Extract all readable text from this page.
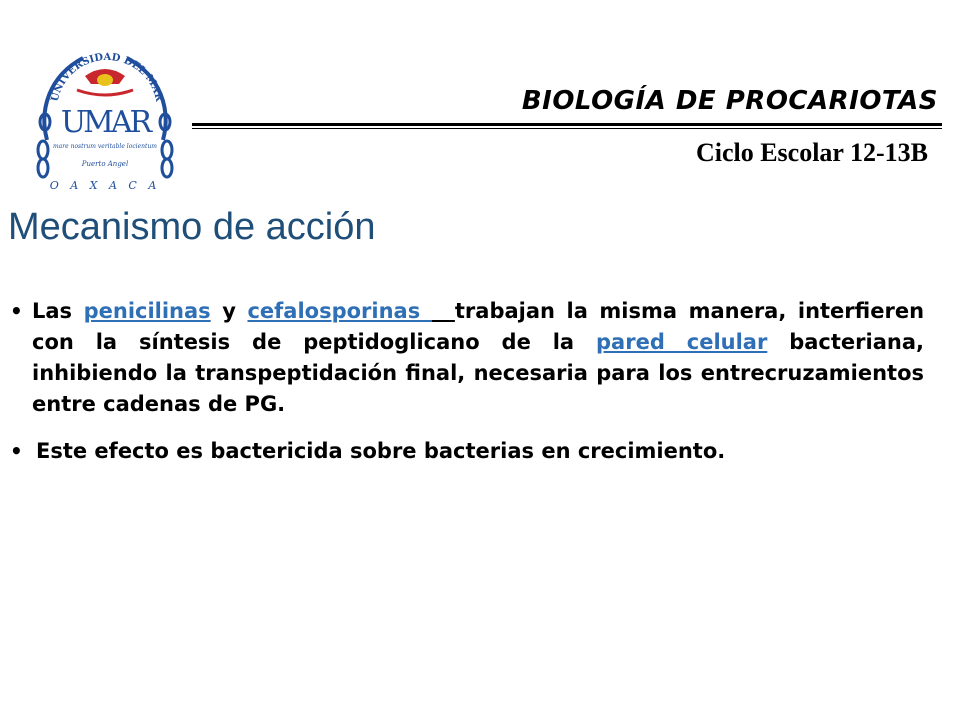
UNIVERSIDAD DEL MAR
UMAR
mare nostrum veritable locientum
Puerto Angel
O A X A C A
BIOLOGÍA DE PROCARIOTAS
Ciclo Escolar 12-13B
Mecanismo de acción
• Las penicilinas y cefalosporinas   trabajan la misma manera, interfieren con la síntesis de peptidoglicano de la pared celular bacteriana, inhibiendo la transpeptidación final, necesaria para los entrecruzamientos entre cadenas de PG.
• Este efecto es bactericida sobre bacterias en crecimiento.
